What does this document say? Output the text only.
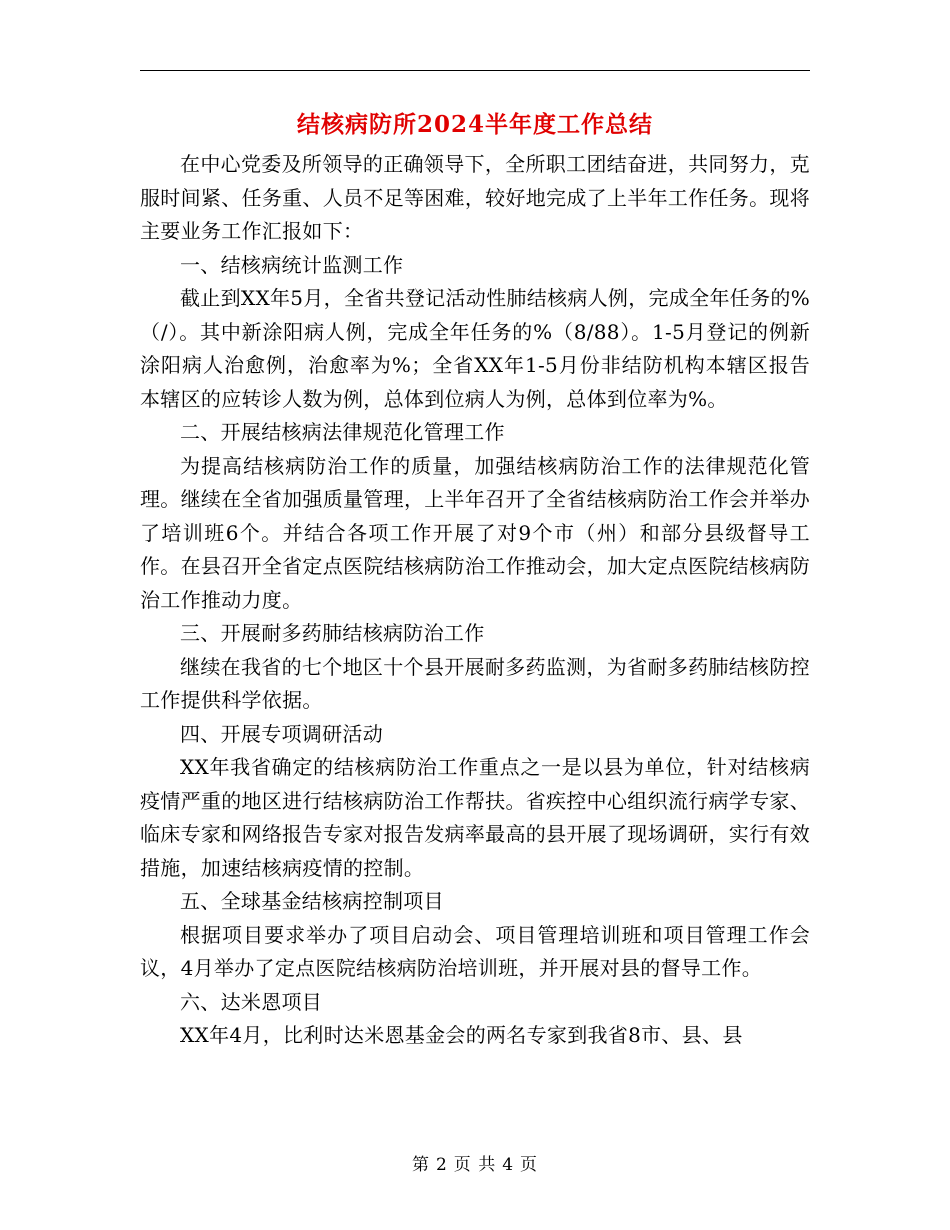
结核病防所2024半年度工作总结

在中心党委及所领导的正确领导下，全所职工团结奋进，共同努力，克服时间紧、任务重、人员不足等困难，较好地完成了上半年工作任务。现将主要业务工作汇报如下：

一、结核病统计监测工作

截止到XX年5月，全省共登记活动性肺结核病人例，完成全年任务的%（/）。其中新涂阳病人例，完成全年任务的%（8/88）。1-5月登记的例新涂阳病人治愈例，治愈率为%；全省XX年1-5月份非结防机构本辖区报告本辖区的应转诊人数为例，总体到位病人为例，总体到位率为%。

二、开展结核病法律规范化管理工作

为提高结核病防治工作的质量，加强结核病防治工作的法律规范化管理。继续在全省加强质量管理，上半年召开了全省结核病防治工作会并举办了培训班6个。并结合各项工作开展了对9个市（州）和部分县级督导工作。在县召开全省定点医院结核病防治工作推动会，加大定点医院结核病防治工作推动力度。

三、开展耐多药肺结核病防治工作

继续在我省的七个地区十个县开展耐多药监测，为省耐多药肺结核防控工作提供科学依据。

四、开展专项调研活动

XX年我省确定的结核病防治工作重点之一是以县为单位，针对结核病疫情严重的地区进行结核病防治工作帮扶。省疾控中心组织流行病学专家、临床专家和网络报告专家对报告发病率最高的县开展了现场调研，实行有效措施，加速结核病疫情的控制。

五、全球基金结核病控制项目

根据项目要求举办了项目启动会、项目管理培训班和项目管理工作会议，4月举办了定点医院结核病防治培训班，并开展对县的督导工作。

六、达米恩项目

XX年4月，比利时达米恩基金会的两名专家到我省8市、县、县

第 2 页 共 4 页
